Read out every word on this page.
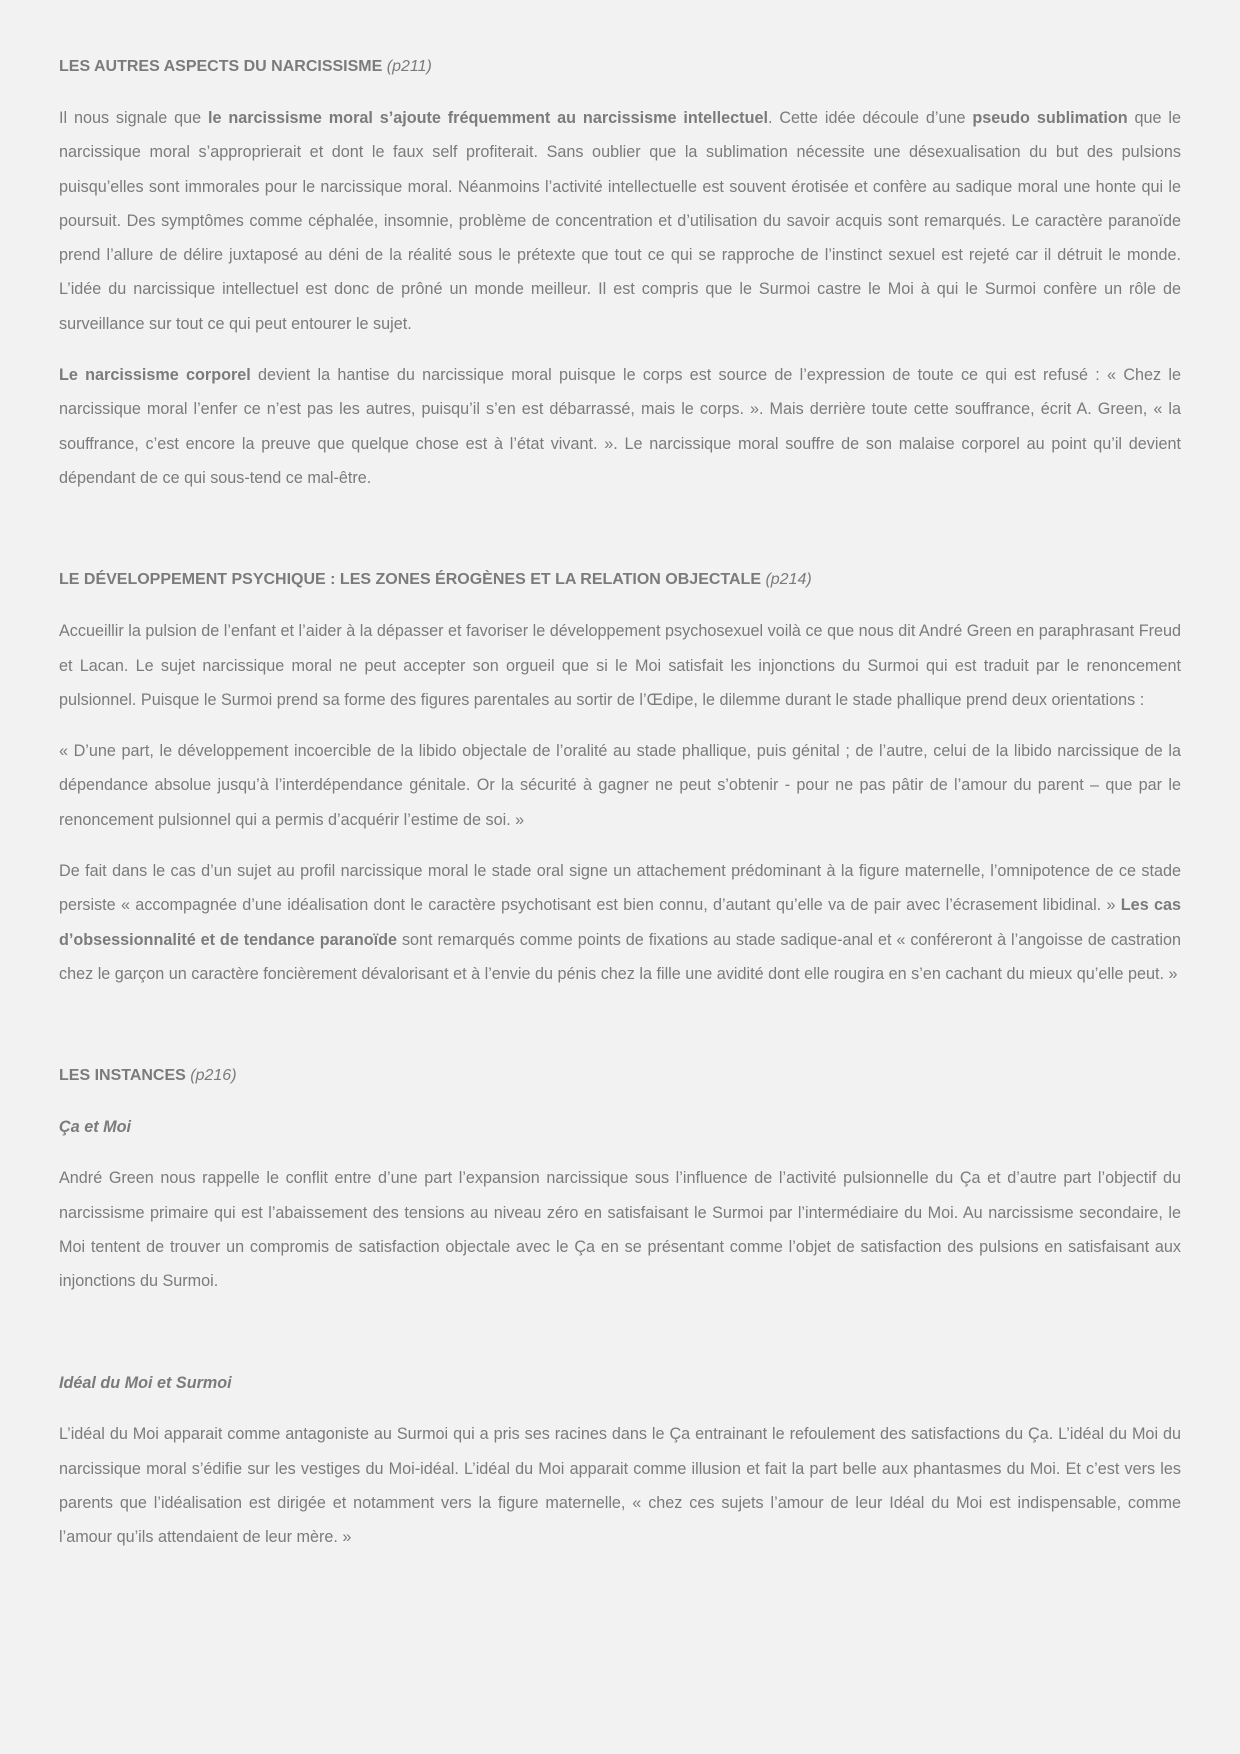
LES AUTRES ASPECTS DU NARCISSISME (p211)

Il nous signale que le narcissisme moral s’ajoute fréquemment au narcissisme intellectuel. Cette idée découle d’une pseudo sublimation que le narcissique moral s’approprierait et dont le faux self profiterait. Sans oublier que la sublimation nécessite une désexualisation du but des pulsions puisqu’elles sont immorales pour le narcissique moral. Néanmoins l’activité intellectuelle est souvent érotisée et confère au sadique moral une honte qui le poursuit. Des symptômes comme céphalée, insomnie, problème de concentration et d’utilisation du savoir acquis sont remarqués. Le caractère paranoïde prend l’allure de délire juxtaposé au déni de la réalité sous le prétexte que tout ce qui se rapproche de l’instinct sexuel est rejeté car il détruit le monde. L’idée du narcissique intellectuel est donc de prôné un monde meilleur. Il est compris que le Surmoi castre le Moi à qui le Surmoi confère un rôle de surveillance sur tout ce qui peut entourer le sujet.

Le narcissisme corporel devient la hantise du narcissique moral puisque le corps est source de l’expression de toute ce qui est refusé : « Chez le narcissique moral l’enfer ce n’est pas les autres, puisqu’il s’en est débarrassé, mais le corps. ». Mais derrière toute cette souffrance, écrit A. Green, « la souffrance, c’est encore la preuve que quelque chose est à l’état vivant. ». Le narcissique moral souffre de son malaise corporel au point qu’il devient dépendant de ce qui sous-tend ce mal-être.

LE DÉVELOPPEMENT PSYCHIQUE : LES ZONES ÉROGÈNES ET LA RELATION OBJECTALE (p214)

Accueillir la pulsion de l’enfant et l’aider à la dépasser et favoriser le développement psychosexuel voilà ce que nous dit André Green en paraphrasant Freud et Lacan. Le sujet narcissique moral ne peut accepter son orgueil que si le Moi satisfait les injonctions du Surmoi qui est traduit par le renoncement pulsionnel. Puisque le Surmoi prend sa forme des figures parentales au sortir de l’Œdipe, le dilemme durant le stade phallique prend deux orientations :

« D’une part, le développement incoercible de la libido objectale de l’oralité au stade phallique, puis génital ; de l’autre, celui de la libido narcissique de la dépendance absolue jusqu’à l’interdépendance génitale. Or la sécurité à gagner ne peut s’obtenir - pour ne pas pâtir de l’amour du parent – que par le renoncement pulsionnel qui a permis d’acquérir l’estime de soi. »

De fait dans le cas d’un sujet au profil narcissique moral le stade oral signe un attachement prédominant à la figure maternelle, l’omnipotence de ce stade persiste « accompagnée d’une idéalisation dont le caractère psychotisant est bien connu, d’autant qu’elle va de pair avec l’écrasement libidinal. » Les cas d’obsessionnalité et de tendance paranoïde sont remarqués comme points de fixations au stade sadique-anal et « conféreront à l’angoisse de castration chez le garçon un caractère foncièrement dévalorisant et à l’envie du pénis chez la fille une avidité dont elle rougira en s’en cachant du mieux qu’elle peut. »

LES INSTANCES (p216)
Ça et Moi

André Green nous rappelle le conflit entre d’une part l’expansion narcissique sous l’influence de l’activité pulsionnelle du Ça et d’autre part l’objectif du narcissisme primaire qui est l’abaissement des tensions au niveau zéro en satisfaisant le Surmoi par l’intermédiaire du Moi. Au narcissisme secondaire, le Moi tentent de trouver un compromis de satisfaction objectale avec le Ça en se présentant comme l’objet de satisfaction des pulsions en satisfaisant aux injonctions du Surmoi.

Idéal du Moi et Surmoi

L’idéal du Moi apparait comme antagoniste au Surmoi qui a pris ses racines dans le Ça entrainant le refoulement des satisfactions du Ça. L’idéal du Moi du narcissique moral s’édifie sur les vestiges du Moi-idéal. L’idéal du Moi apparait comme illusion et fait la part belle aux phantasmes du Moi. Et c’est vers les parents que l’idéalisation est dirigée et notamment vers la figure maternelle, « chez ces sujets l’amour de leur Idéal du Moi est indispensable, comme l’amour qu’ils attendaient de leur mère. »
